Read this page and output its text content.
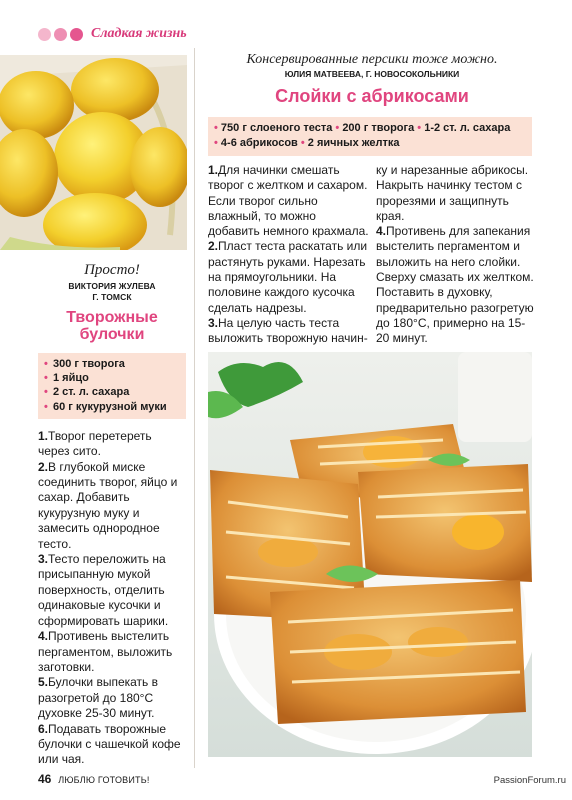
Сладкая жизнь
Просто!
ВИКТОРИЯ ЖУЛЕВА
Г. ТОМСК
Творожные
булочки
• 300 г творога
• 1 яйцо
• 2 ст. л. сахара
• 60 г кукурузной муки

1.Творог перетереть через сито.

2.В глубокой миске соединить творог, яйцо и сахар. Добавить кукурузную муку и замесить однородное тесто.

3.Тесто переложить на присыпанную мукой поверхность, отделить одинаковые кусочки и сформировать шарики.

4.Противень выстелить пергаментом, выложить заготовки.

5.Булочки выпекать в разогретой до 180°С духовке 25-30 минут.

6.Подавать творожные булочки с чашечкой кофе или чая.

Консервированные персики тоже можно.
ЮЛИЯ МАТВЕЕВА, Г. НОВОСОКОЛЬНИКИ
Слойки с абрикосами
• 750 г слоеного теста • 200 г творога • 1-2 ст. л. сахара
• 4-6 абрикосов • 2 яичных желтка

1.Для начинки смешать творог с желтком и сахаром. Если творог сильно влажный, то можно добавить немного крахмала.

2.Пласт теста раскатать или растянуть руками. Нарезать на прямоугольники. На половине каждого кусочка сделать надрезы.

3.На целую часть теста выложить творожную начин-

ку и нарезанные абрикосы. Накрыть начинку тестом с прорезями и защипнуть края.

4.Противень для запекания выстелить пергаментом и выложить на него слойки. Сверху смазать их желтком. Поставить в духовку, предварительно разогретую до 180°С, примерно на 15-20 минут.

46 ЛЮБЛЮ ГОТОВИТЬ!	PassionForum.ru
